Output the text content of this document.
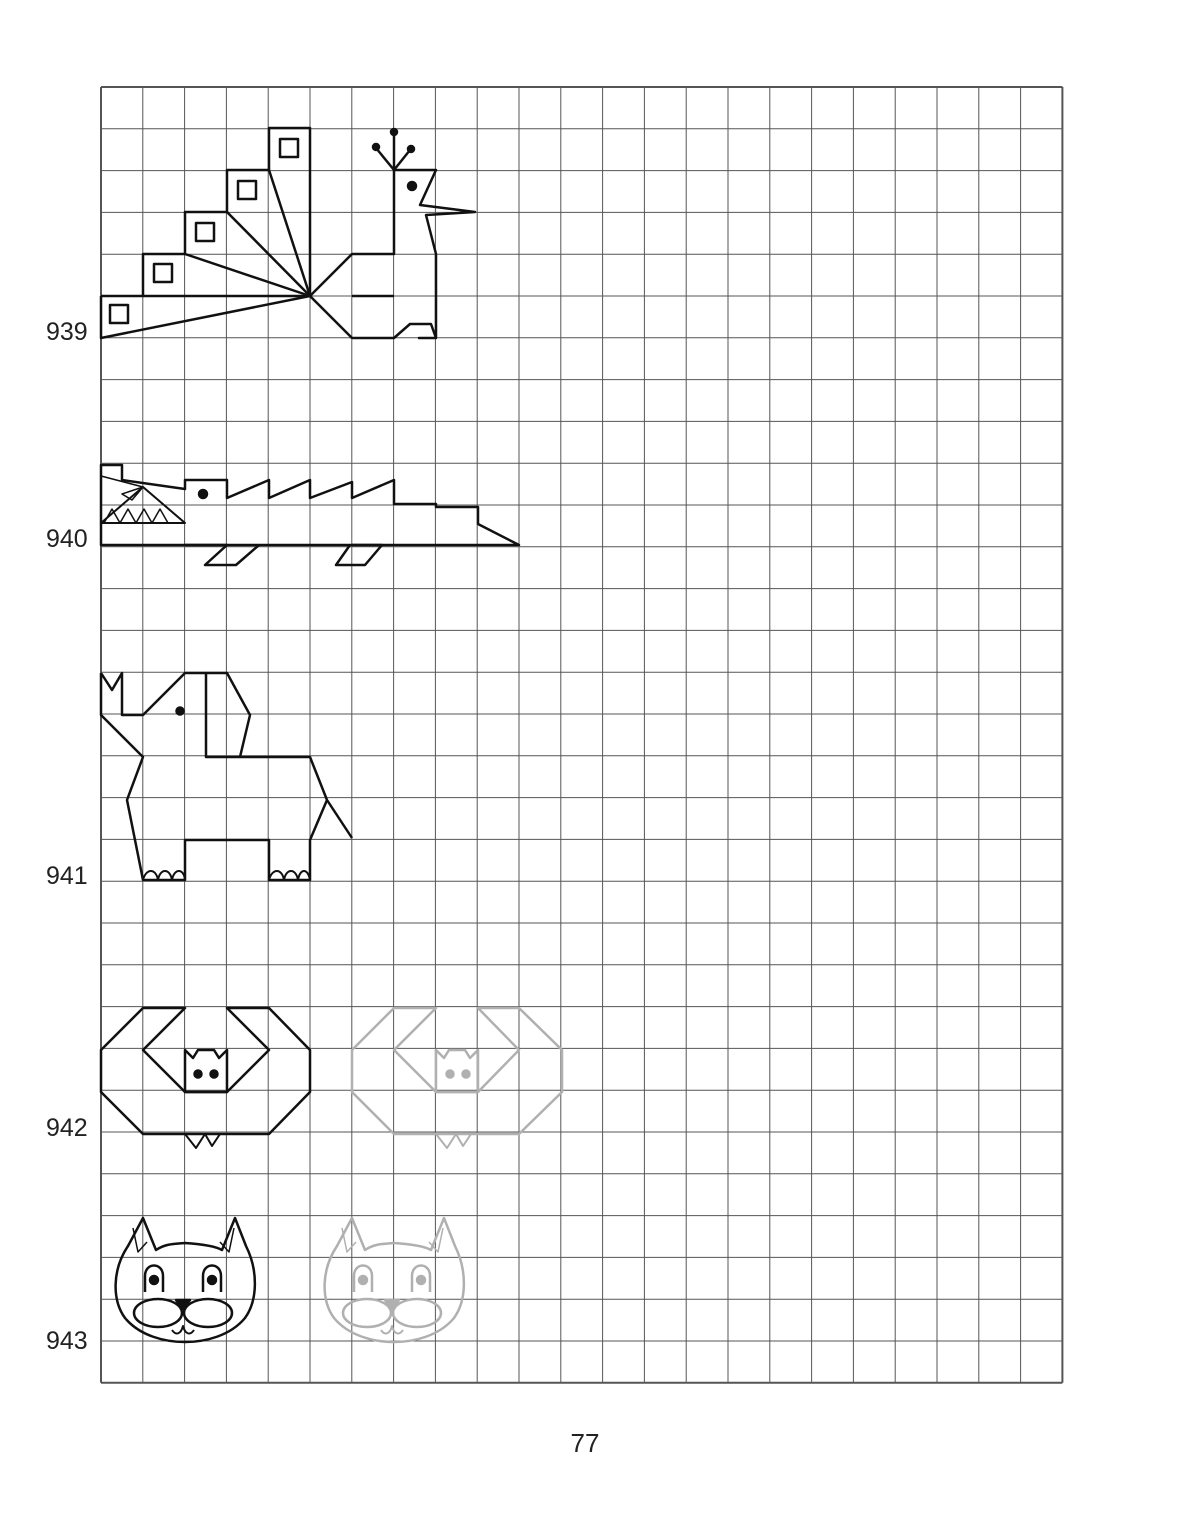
939
940
941
942
943
77
